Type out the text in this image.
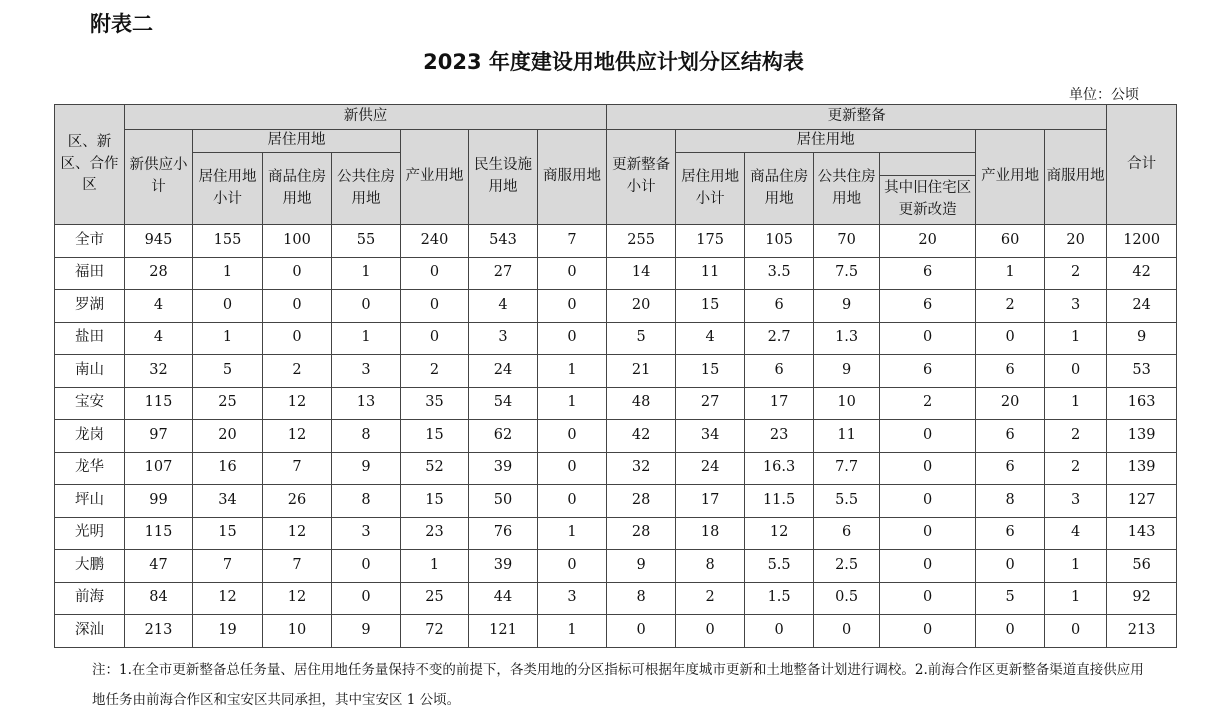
附表二
2023 年度建设用地供应计划分区结构表
单位：公顷
区、新区、合作区	新供应							更新整备							合计
	新供应小计	居住用地			产业用地	民生设施用地	商服用地	更新整备小计	居住用地				产业用地	商服用地	
		居住用地小计	商品住房用地	公共住房用地					居住用地小计	商品住房用地	公共住房用地				
												其中旧住宅区更新改造			
全市	945	155	100	55	240	543	7	255	175	105	70	20	60	20	1200
福田	28	1	0	1	0	27	0	14	11	3.5	7.5	6	1	2	42
罗湖	4	0	0	0	0	4	0	20	15	6	9	6	2	3	24
盐田	4	1	0	1	0	3	0	5	4	2.7	1.3	0	0	1	9
南山	32	5	2	3	2	24	1	21	15	6	9	6	6	0	53
宝安	115	25	12	13	35	54	1	48	27	17	10	2	20	1	163
龙岗	97	20	12	8	15	62	0	42	34	23	11	0	6	2	139
龙华	107	16	7	9	52	39	0	32	24	16.3	7.7	0	6	2	139
坪山	99	34	26	8	15	50	0	28	17	11.5	5.5	0	8	3	127
光明	115	15	12	3	23	76	1	28	18	12	6	0	6	4	143
大鹏	47	7	7	0	1	39	0	9	8	5.5	2.5	0	0	1	56
前海	84	12	12	0	25	44	3	8	2	1.5	0.5	0	5	1	92
深汕	213	19	10	9	72	121	1	0	0	0	0	0	0	0	213
注：1.在全市更新整备总任务量、居住用地任务量保持不变的前提下，各类用地的分区指标可根据年度城市更新和土地整备计划进行调校。2.前海合作区更新整备渠道直接供应用地任务由前海合作区和宝安区共同承担，其中宝安区 1 公顷。
